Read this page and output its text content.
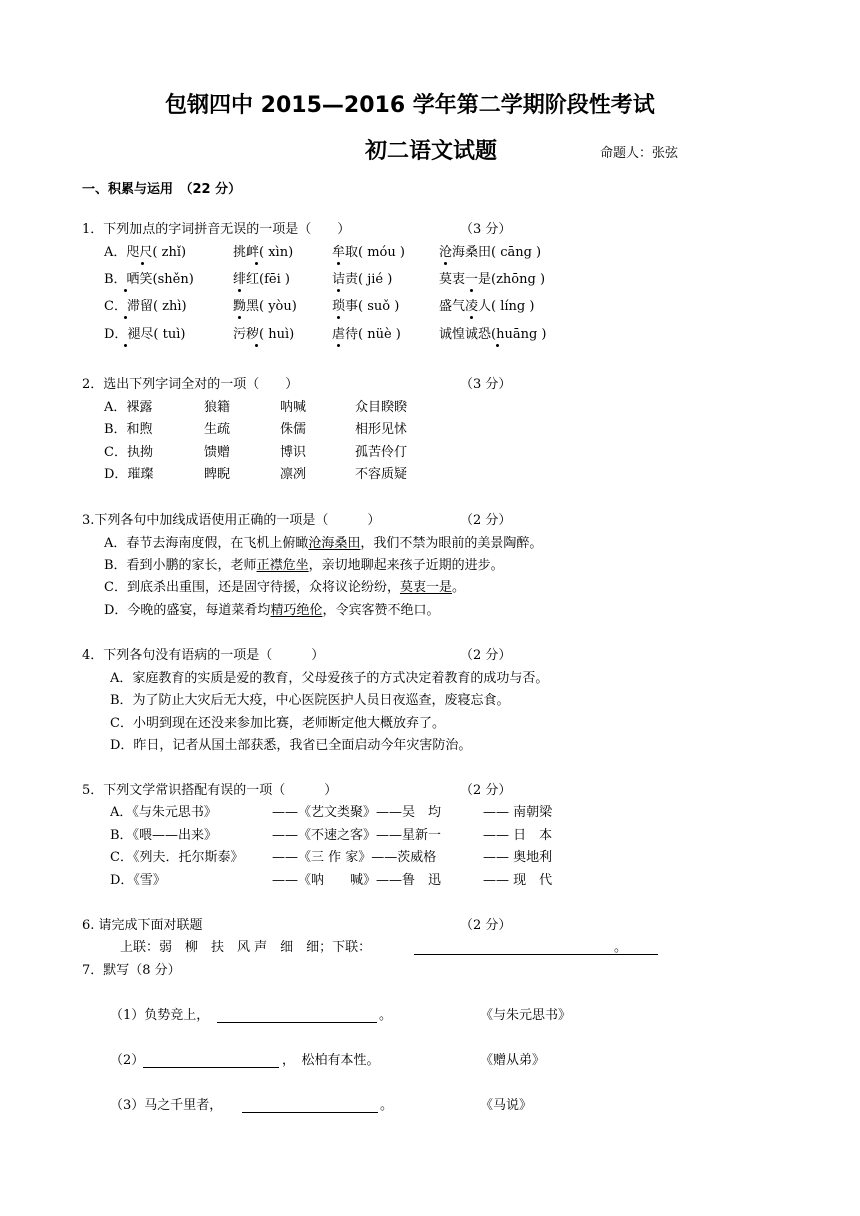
包钢四中 2015—2016 学年第二学期阶段性考试
初二语文试题	命题人：张弦
一、积累与运用　（22 分）
1．下列加点的字词拼音无误的一项是（　　）	（3 分）
A．咫尺( zhǐ)	挑衅( xìn)	牟取( móu )	沧海桑田( cāng )
B．哂笑(shěn)	绯红(fēi )	诘责( jié )	莫衷一是(zhōng )
C．滞留( zhì)	黝黑( yòu)	琐事( suǒ )	盛气凌人( líng )
D．褪尽( tuì)	污秽( huì)	虐待( nüè )	诚惶诚恐(huāng )
2．选出下列字词全对的一项（　　）	（3 分）
A．裸露	狼籍	呐喊	众目睽睽
B．和煦	生疏	侏儒	相形见怵
C．执拗	馈赠	博识	孤苦伶仃
D．璀璨	睥睨	凛冽	不容质疑
3.下列各句中加线成语使用正确的一项是（　　　）	（2 分）
A．春节去海南度假，在飞机上俯瞰沧海桑田，我们不禁为眼前的美景陶醉。
B．看到小鹏的家长，老师正襟危坐，亲切地聊起来孩子近期的进步。
C．到底杀出重围，还是固守待援，众将议论纷纷，莫衷一是。
D．今晚的盛宴，每道菜肴均精巧绝伦，令宾客赞不绝口。
4．下列各句没有语病的一项是（　　　）	（2 分）
A．家庭教育的实质是爱的教育，父母爱孩子的方式决定着教育的成功与否。
B．为了防止大灾后无大疫，中心医院医护人员日夜巡查，废寝忘食。
C．小明到现在还没来参加比赛，老师断定他大概放弃了。
D．昨日，记者从国土部获悉，我省已全面启动今年灾害防治。
5．下列文学常识搭配有误的一项（　　　）	（2 分）
A．《与朱元思书》	——《艺文类聚》——吴　均	—— 南朝梁
B．《喂——出来》	——《不速之客》——星新一	—— 日　本
C．《列夫．托尔斯泰》 ——《三 作 家》——茨威格	—— 奥地利
D．《雪》	——《呐　　喊》——鲁　迅	—— 现　代
6. 请完成下面对联题	（2 分）
上联：弱　柳　扶　风 声　细　细；下联：	。
7．默写（8 分）
（1）负势竞上，	。	《与朱元思书》
（2）	，　松柏有本性。	《赠从弟》
（3）马之千里者，	。	《马说》
